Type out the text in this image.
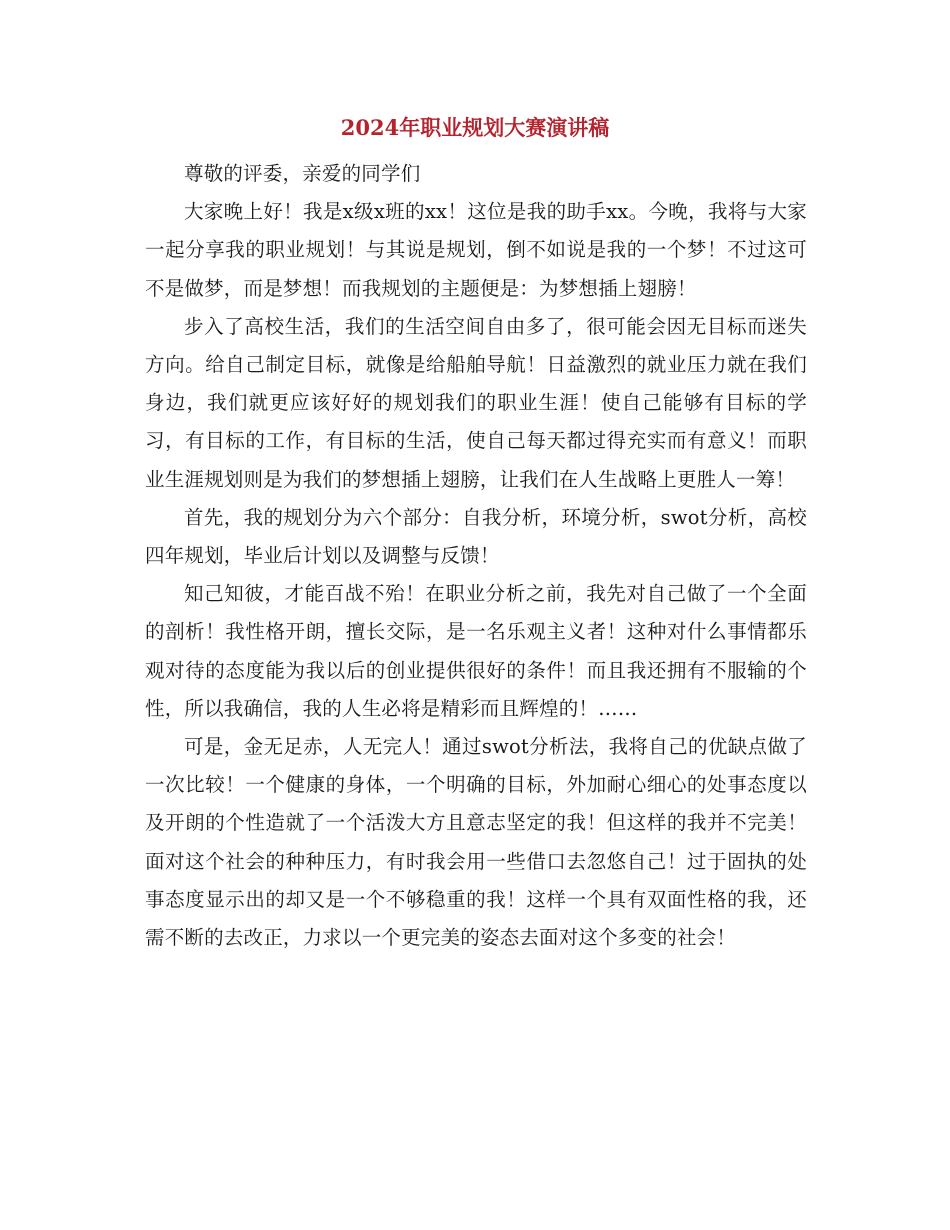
2024年职业规划大赛演讲稿

尊敬的评委，亲爱的同学们

大家晚上好！我是x级x班的xx！这位是我的助手xx。今晚，我将与大家一起分享我的职业规划！与其说是规划，倒不如说是我的一个梦！不过这可不是做梦，而是梦想！而我规划的主题便是：为梦想插上翅膀！

步入了高校生活，我们的生活空间自由多了，很可能会因无目标而迷失方向。给自己制定目标，就像是给船舶导航！日益激烈的就业压力就在我们身边，我们就更应该好好的规划我们的职业生涯！使自己能够有目标的学习，有目标的工作，有目标的生活，使自己每天都过得充实而有意义！而职业生涯规划则是为我们的梦想插上翅膀，让我们在人生战略上更胜人一筹！

首先，我的规划分为六个部分：自我分析，环境分析，swot分析，高校四年规划，毕业后计划以及调整与反馈！

知己知彼，才能百战不殆！在职业分析之前，我先对自己做了一个全面的剖析！我性格开朗，擅长交际，是一名乐观主义者！这种对什么事情都乐观对待的态度能为我以后的创业提供很好的条件！而且我还拥有不服输的个性，所以我确信，我的人生必将是精彩而且辉煌的！……

可是，金无足赤，人无完人！通过swot分析法，我将自己的优缺点做了一次比较！一个健康的身体，一个明确的目标，外加耐心细心的处事态度以及开朗的个性造就了一个活泼大方且意志坚定的我！但这样的我并不完美！面对这个社会的种种压力，有时我会用一些借口去忽悠自己！过于固执的处事态度显示出的却又是一个不够稳重的我！这样一个具有双面性格的我，还需不断的去改正，力求以一个更完美的姿态去面对这个多变的社会！
